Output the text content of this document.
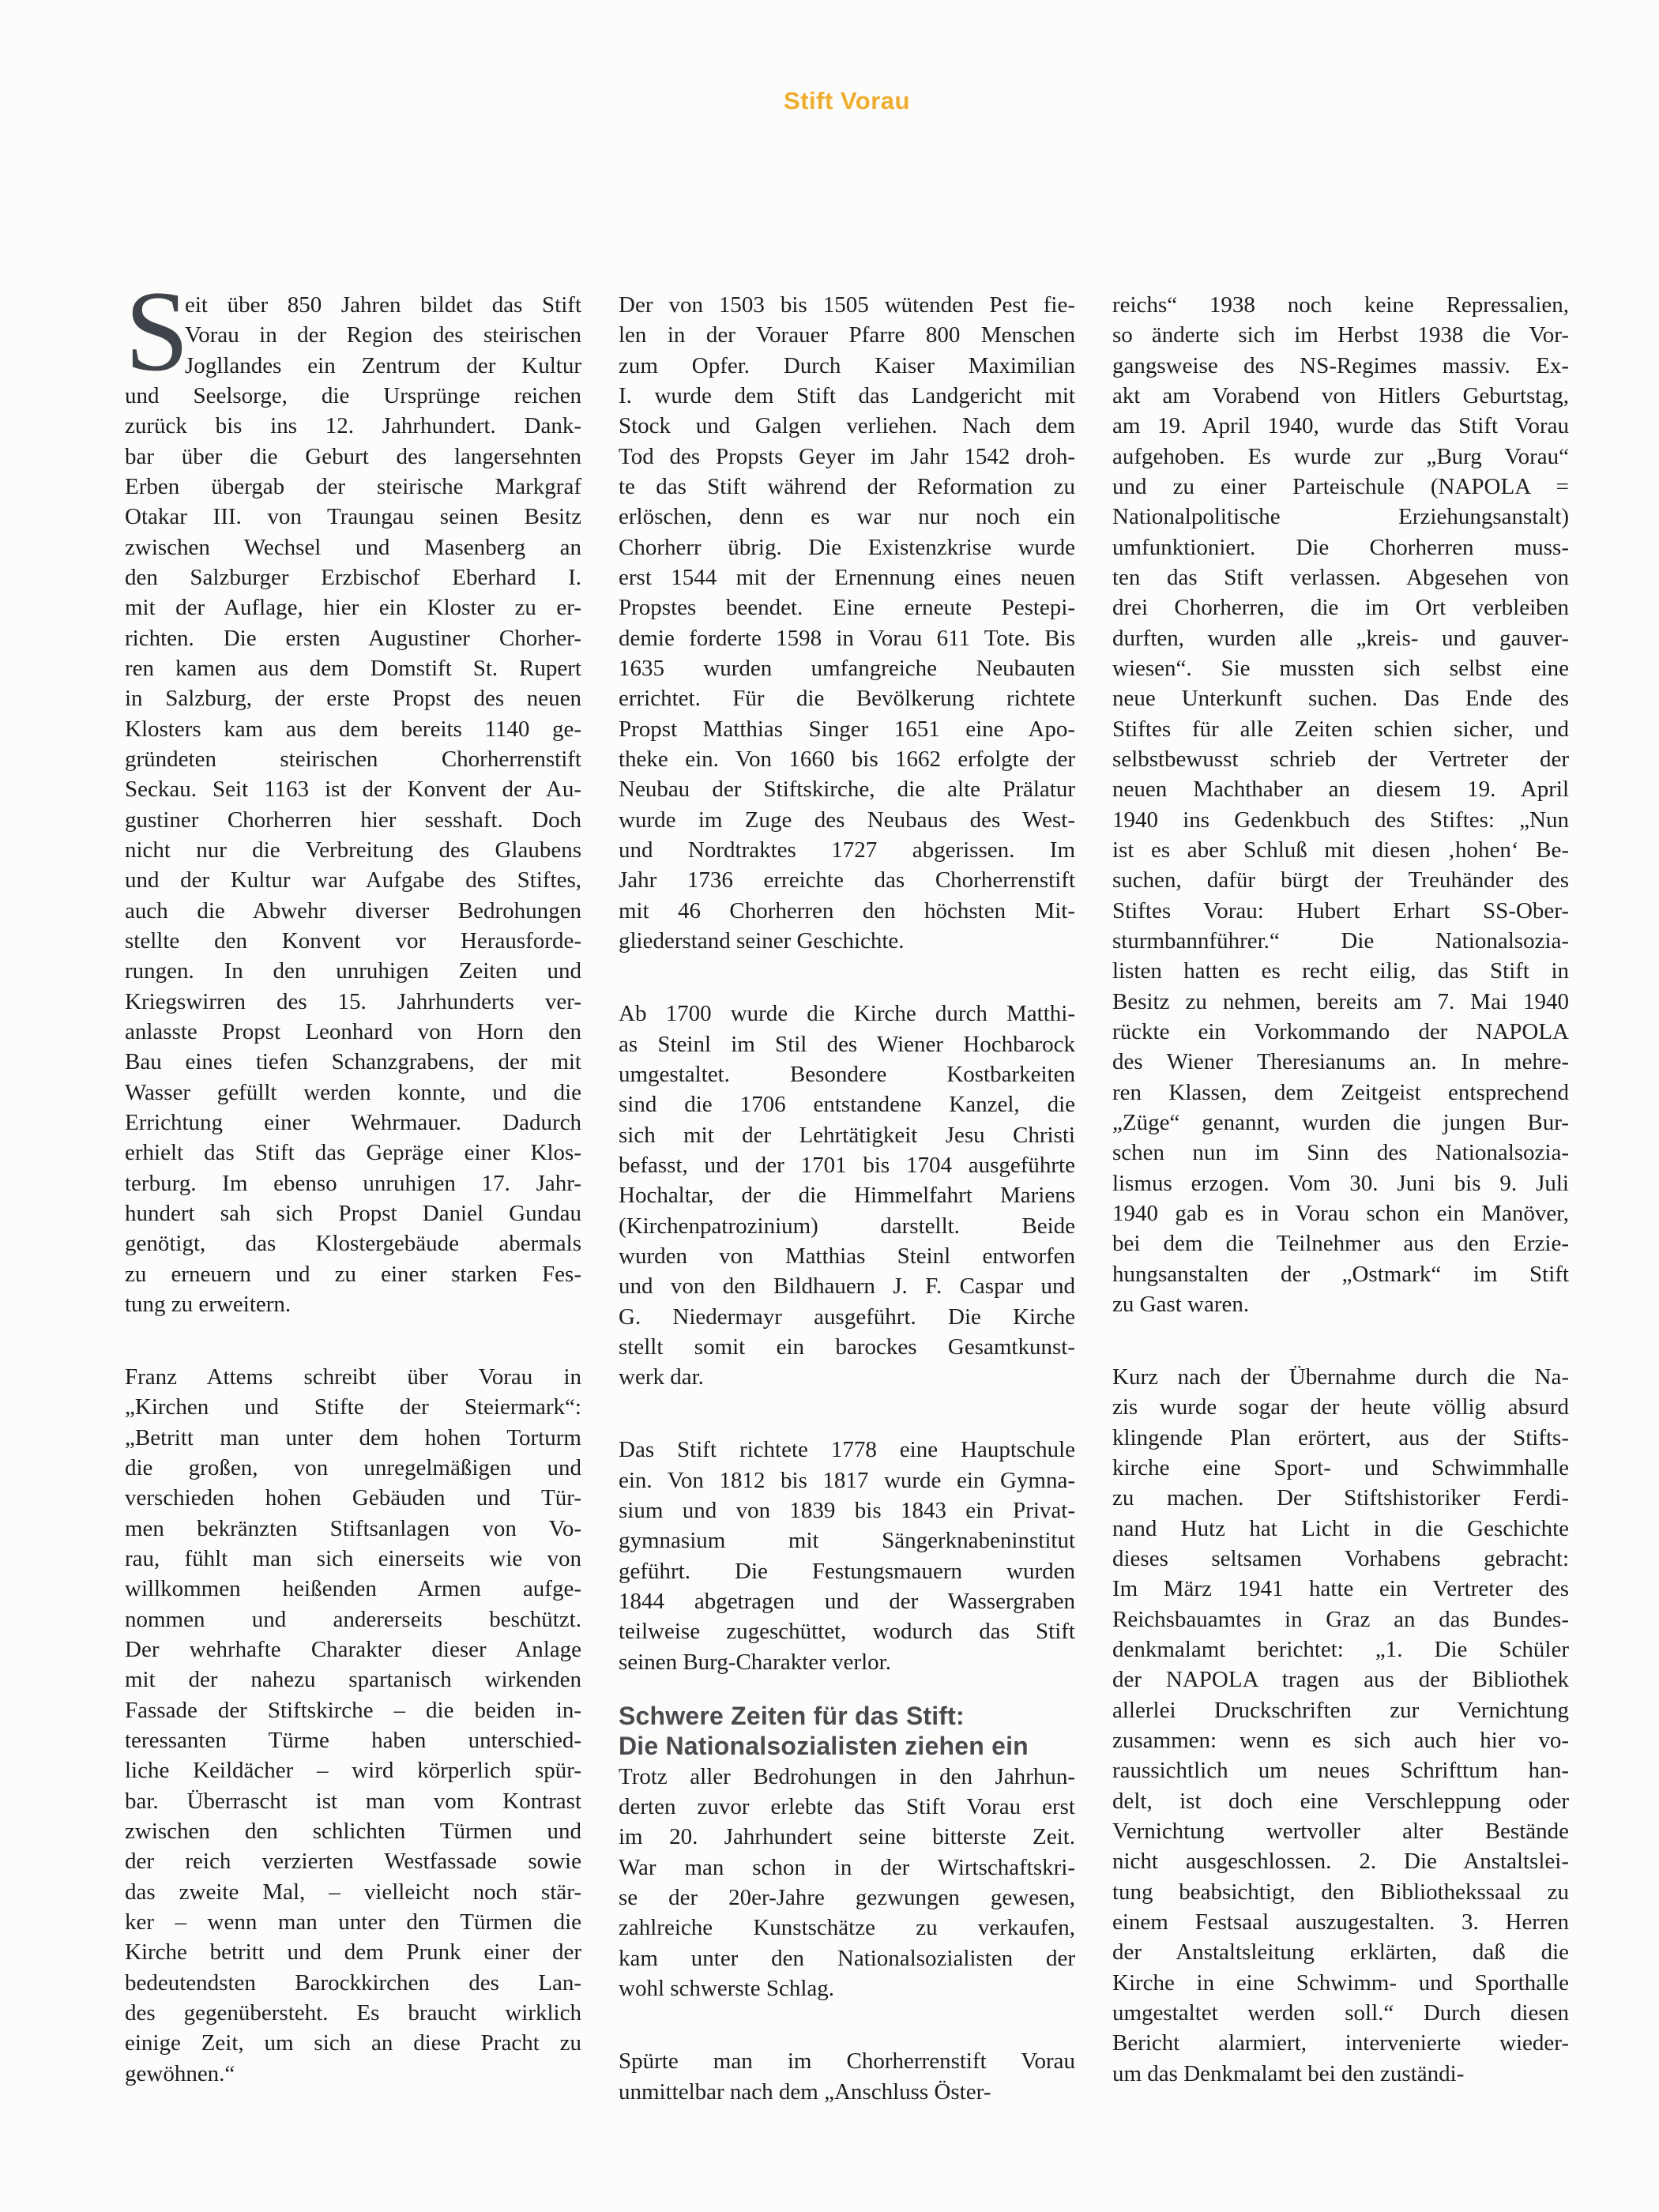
Stift Vorau
S
eit über 850 Jahren bildet das Stift
Vorau in der Region des steirischen
Jogllandes ein Zentrum der Kultur
und Seelsorge, die Ursprünge reichen
zurück bis ins 12. Jahrhundert. Dank-
bar über die Geburt des langersehnten
Erben übergab der steirische Markgraf
Otakar III. von Traungau seinen Besitz
zwischen Wechsel und Masenberg an
den Salzburger Erzbischof Eberhard I.
mit der Auflage, hier ein Kloster zu er-
richten. Die ersten Augustiner Chorher-
ren kamen aus dem Domstift St. Rupert
in Salzburg, der erste Propst des neuen
Klosters kam aus dem bereits 1140 ge-
gründeten steirischen Chorherrenstift
Seckau. Seit 1163 ist der Konvent der Au-
gustiner Chorherren hier sesshaft. Doch
nicht nur die Verbreitung des Glaubens
und der Kultur war Aufgabe des Stiftes,
auch die Abwehr diverser Bedrohungen
stellte den Konvent vor Herausforde-
rungen. In den unruhigen Zeiten und
Kriegswirren des 15. Jahrhunderts ver-
anlasste Propst Leonhard von Horn den
Bau eines tiefen Schanzgrabens, der mit
Wasser gefüllt werden konnte, und die
Errichtung einer Wehrmauer. Dadurch
erhielt das Stift das Gepräge einer Klos-
terburg. Im ebenso unruhigen 17. Jahr-
hundert sah sich Propst Daniel Gundau
genötigt, das Klostergebäude abermals
zu erneuern und zu einer starken Fes-
tung zu erweitern.
Franz Attems schreibt über Vorau in
„Kirchen und Stifte der Steiermark“:
„Betritt man unter dem hohen Torturm
die großen, von unregelmäßigen und
verschieden hohen Gebäuden und Tür-
men bekränzten Stiftsanlagen von Vo-
rau, fühlt man sich einerseits wie von
willkommen heißenden Armen aufge-
nommen und andererseits beschützt.
Der wehrhafte Charakter dieser Anlage
mit der nahezu spartanisch wirkenden
Fassade der Stiftskirche – die beiden in-
teressanten Türme haben unterschied-
liche Keildächer – wird körperlich spür-
bar. Überrascht ist man vom Kontrast
zwischen den schlichten Türmen und
der reich verzierten Westfassade sowie
das zweite Mal, – vielleicht noch stär-
ker – wenn man unter den Türmen die
Kirche betritt und dem Prunk einer der
bedeutendsten Barockkirchen des Lan-
des gegenübersteht. Es braucht wirklich
einige Zeit, um sich an diese Pracht zu
gewöhnen.“
Der von 1503 bis 1505 wütenden Pest fie-
len in der Vorauer Pfarre 800 Menschen
zum Opfer. Durch Kaiser Maximilian
I. wurde dem Stift das Landgericht mit
Stock und Galgen verliehen. Nach dem
Tod des Propsts Geyer im Jahr 1542 droh-
te das Stift während der Reformation zu
erlöschen, denn es war nur noch ein
Chorherr übrig. Die Existenzkrise wurde
erst 1544 mit der Ernennung eines neuen
Propstes beendet. Eine erneute Pestepi-
demie forderte 1598 in Vorau 611 Tote. Bis
1635 wurden umfangreiche Neubauten
errichtet. Für die Bevölkerung richtete
Propst Matthias Singer 1651 eine Apo-
theke ein. Von 1660 bis 1662 erfolgte der
Neubau der Stiftskirche, die alte Prälatur
wurde im Zuge des Neubaus des West-
und Nordtraktes 1727 abgerissen. Im
Jahr 1736 erreichte das Chorherrenstift
mit 46 Chorherren den höchsten Mit-
gliederstand seiner Geschichte.
Ab 1700 wurde die Kirche durch Matthi-
as Steinl im Stil des Wiener Hochbarock
umgestaltet. Besondere Kostbarkeiten
sind die 1706 entstandene Kanzel, die
sich mit der Lehrtätigkeit Jesu Christi
befasst, und der 1701 bis 1704 ausgeführte
Hochaltar, der die Himmelfahrt Mariens
(Kirchenpatrozinium) darstellt. Beide
wurden von Matthias Steinl entworfen
und von den Bildhauern J. F. Caspar und
G. Niedermayr ausgeführt. Die Kirche
stellt somit ein barockes Gesamtkunst-
werk dar.
Das Stift richtete 1778 eine Hauptschule
ein. Von 1812 bis 1817 wurde ein Gymna-
sium und von 1839 bis 1843 ein Privat-
gymnasium mit Sängerknabeninstitut
geführt. Die Festungsmauern wurden
1844 abgetragen und der Wassergraben
teilweise zugeschüttet, wodurch das Stift
seinen Burg-Charakter verlor.
Schwere Zeiten für das Stift:
Die Nationalsozialisten ziehen ein
Trotz aller Bedrohungen in den Jahrhun-
derten zuvor erlebte das Stift Vorau erst
im 20. Jahrhundert seine bitterste Zeit.
War man schon in der Wirtschaftskri-
se der 20er-Jahre gezwungen gewesen,
zahlreiche Kunstschätze zu verkaufen,
kam unter den Nationalsozialisten der
wohl schwerste Schlag.
Spürte man im Chorherrenstift Vorau
unmittelbar nach dem „Anschluss Öster-
reichs“ 1938 noch keine Repressalien,
so änderte sich im Herbst 1938 die Vor-
gangsweise des NS-Regimes massiv. Ex-
akt am Vorabend von Hitlers Geburtstag,
am 19. April 1940, wurde das Stift Vorau
aufgehoben. Es wurde zur „Burg Vorau“
und zu einer Parteischule (NAPOLA =
Nationalpolitische Erziehungsanstalt)
umfunktioniert. Die Chorherren muss-
ten das Stift verlassen. Abgesehen von
drei Chorherren, die im Ort verbleiben
durften, wurden alle „kreis- und gauver-
wiesen“. Sie mussten sich selbst eine
neue Unterkunft suchen. Das Ende des
Stiftes für alle Zeiten schien sicher, und
selbstbewusst schrieb der Vertreter der
neuen Machthaber an diesem 19. April
1940 ins Gedenkbuch des Stiftes: „Nun
ist es aber Schluß mit diesen ‚hohen‘ Be-
suchen, dafür bürgt der Treuhänder des
Stiftes Vorau: Hubert Erhart SS-Ober-
sturmbannführer.“ Die Nationalsozia-
listen hatten es recht eilig, das Stift in
Besitz zu nehmen, bereits am 7. Mai 1940
rückte ein Vorkommando der NAPOLA
des Wiener Theresianums an. In mehre-
ren Klassen, dem Zeitgeist entsprechend
„Züge“ genannt, wurden die jungen Bur-
schen nun im Sinn des Nationalsozia-
lismus erzogen. Vom 30. Juni bis 9. Juli
1940 gab es in Vorau schon ein Manöver,
bei dem die Teilnehmer aus den Erzie-
hungsanstalten der „Ostmark“ im Stift
zu Gast waren.
Kurz nach der Übernahme durch die Na-
zis wurde sogar der heute völlig absurd
klingende Plan erörtert, aus der Stifts-
kirche eine Sport- und Schwimmhalle
zu machen. Der Stiftshistoriker Ferdi-
nand Hutz hat Licht in die Geschichte
dieses seltsamen Vorhabens gebracht:
Im März 1941 hatte ein Vertreter des
Reichsbauamtes in Graz an das Bundes-
denkmalamt berichtet: „1. Die Schüler
der NAPOLA tragen aus der Bibliothek
allerlei Druckschriften zur Vernichtung
zusammen: wenn es sich auch hier vo-
raussichtlich um neues Schrifttum han-
delt, ist doch eine Verschleppung oder
Vernichtung wertvoller alter Bestände
nicht ausgeschlossen. 2. Die Anstaltslei-
tung beabsichtigt, den Bibliothekssaal zu
einem Festsaal auszugestalten. 3. Herren
der Anstaltsleitung erklärten, daß die
Kirche in eine Schwimm- und Sporthalle
umgestaltet werden soll.“ Durch diesen
Bericht alarmiert, intervenierte wieder-
um das Denkmalamt bei den zuständi-
